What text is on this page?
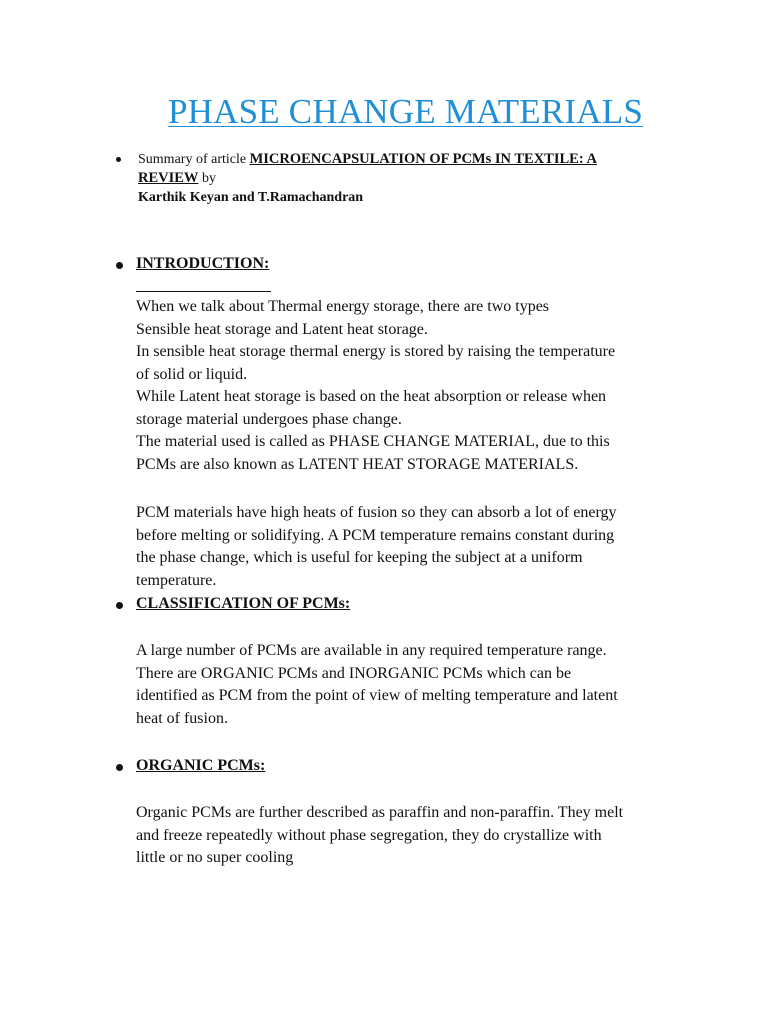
PHASE CHANGE MATERIALS
Summary of article MICROENCAPSULATION OF PCMs IN TEXTILE: A REVIEW by
Karthik Keyan and T.Ramachandran
INTRODUCTION:
When we talk about Thermal energy storage, there are two types
Sensible heat storage and Latent heat storage.
In sensible heat storage thermal energy is stored by raising the temperature
of solid or liquid.
While Latent heat storage is based on the heat absorption or release when
storage material undergoes phase change.
The material used is called as PHASE CHANGE MATERIAL, due to this
PCMs are also known as LATENT HEAT STORAGE MATERIALS.
PCM materials have high heats of fusion so they can absorb a lot of energy
before melting or solidifying. A PCM temperature remains constant during
the phase change, which is useful for keeping the subject at a uniform
temperature.
CLASSIFICATION OF PCMs:
A large number of PCMs are available in any required temperature range.
There are ORGANIC PCMs and INORGANIC PCMs which can be
identified as PCM from the point of view of melting temperature and latent
heat of fusion.
ORGANIC PCMs:
Organic PCMs are further described as paraffin and non-paraffin. They melt
and freeze repeatedly without phase segregation, they do crystallize with
little or no super cooling
